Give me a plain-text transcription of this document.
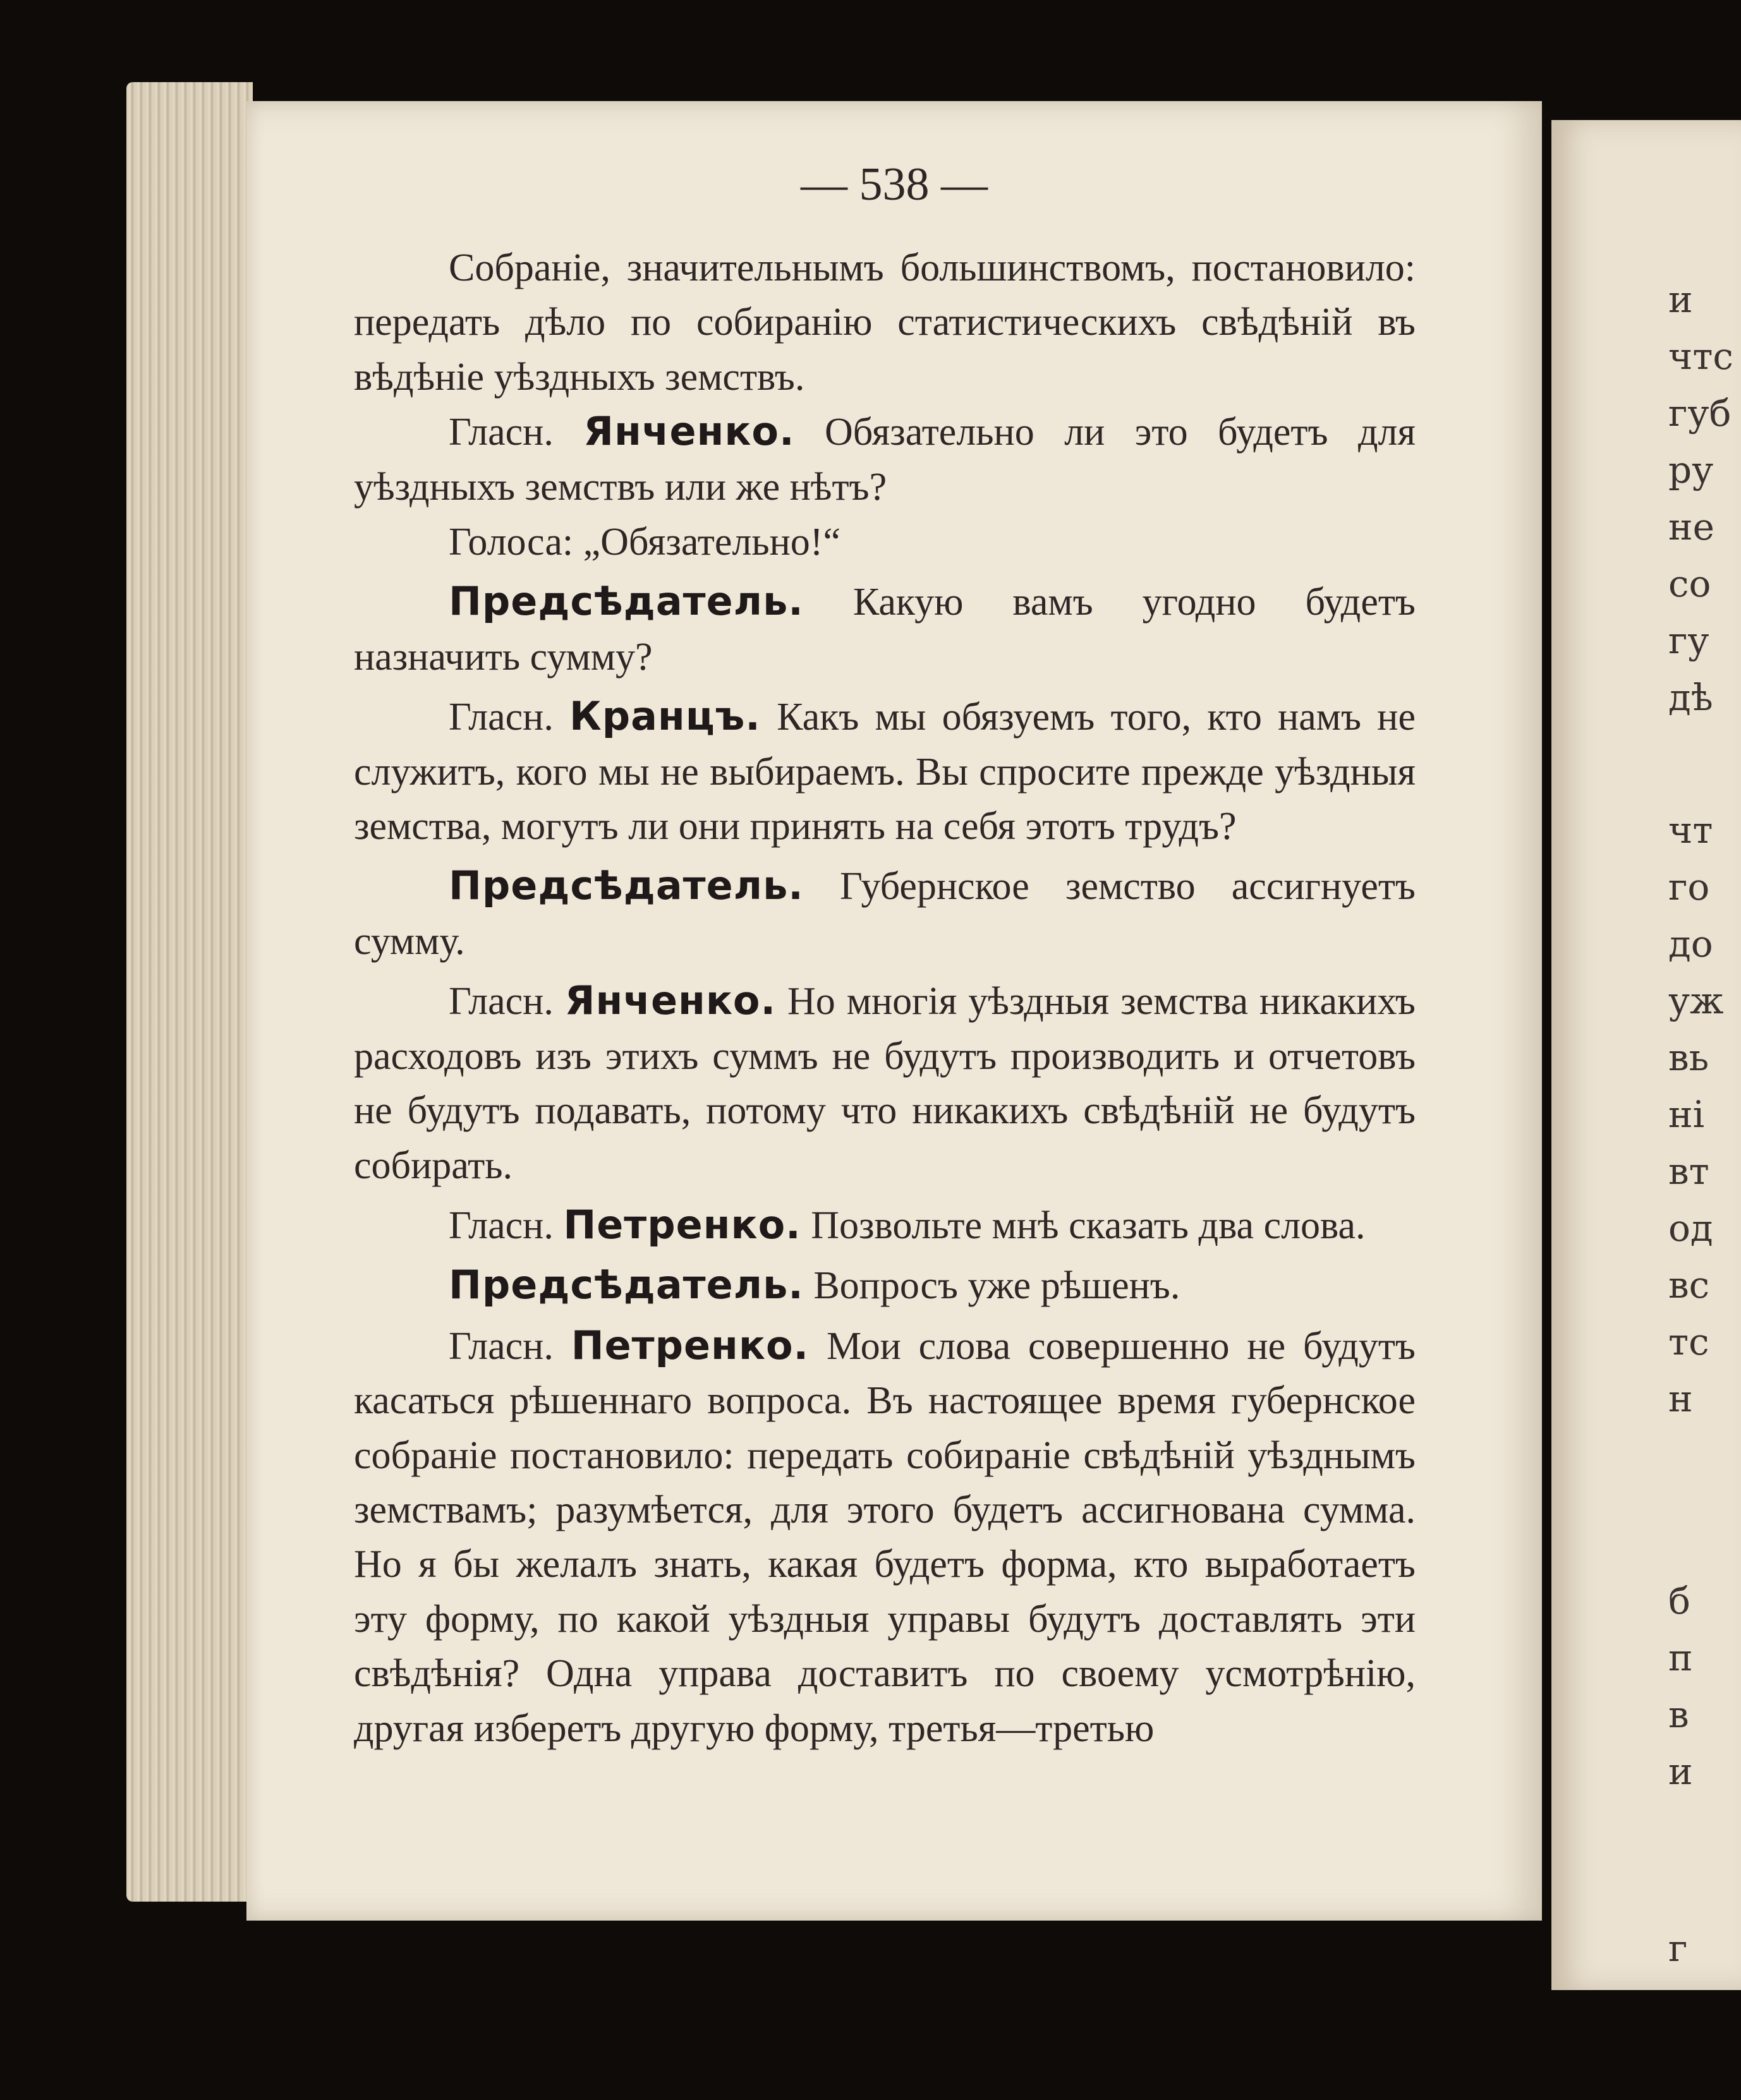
и
чтс
губ
ру
не
со
гу
дѣ
чт
го
до
уж
вь
ні
вт
од
вс
тс
н
б
п
в
и
г

— 538 —

Собраніе, значительнымъ большинствомъ, постановило: передать дѣло по собиранію статистическихъ свѣдѣній въ вѣдѣніе уѣздныхъ земствъ.

Гласн. Янченко. Обязательно ли это будетъ для уѣздныхъ земствъ или же нѣтъ?

Голоса: „Обязательно!“

Предсѣдатель. Какую вамъ угодно будетъ назначить сумму?

Гласн. Кранцъ. Какъ мы обязуемъ того, кто намъ не служитъ, кого мы не выбираемъ. Вы спросите прежде уѣздныя земства, могутъ ли они принять на себя этотъ трудъ?

Предсѣдатель. Губернское земство ассигнуетъ сумму.

Гласн. Янченко. Но многія уѣздныя земства никакихъ расходовъ изъ этихъ суммъ не будутъ производить и отчетовъ не будутъ подавать, потому что никакихъ свѣдѣній не будутъ собирать.

Гласн. Петренко. Позвольте мнѣ сказать два слова.

Предсѣдатель. Вопросъ уже рѣшенъ.

Гласн. Петренко. Мои слова совершенно не будутъ касаться рѣшеннаго вопроса. Въ настоящее время губернское собраніе постановило: передать собираніе свѣдѣній уѣзднымъ земствамъ; разумѣется, для этого будетъ ассигнована сумма. Но я бы желалъ знать, какая будетъ форма, кто выработаетъ эту форму, по какой уѣздныя управы будутъ доставлять эти свѣдѣнія? Одна управа доставитъ по своему усмотрѣнію, другая изберетъ другую форму, третья—третью
